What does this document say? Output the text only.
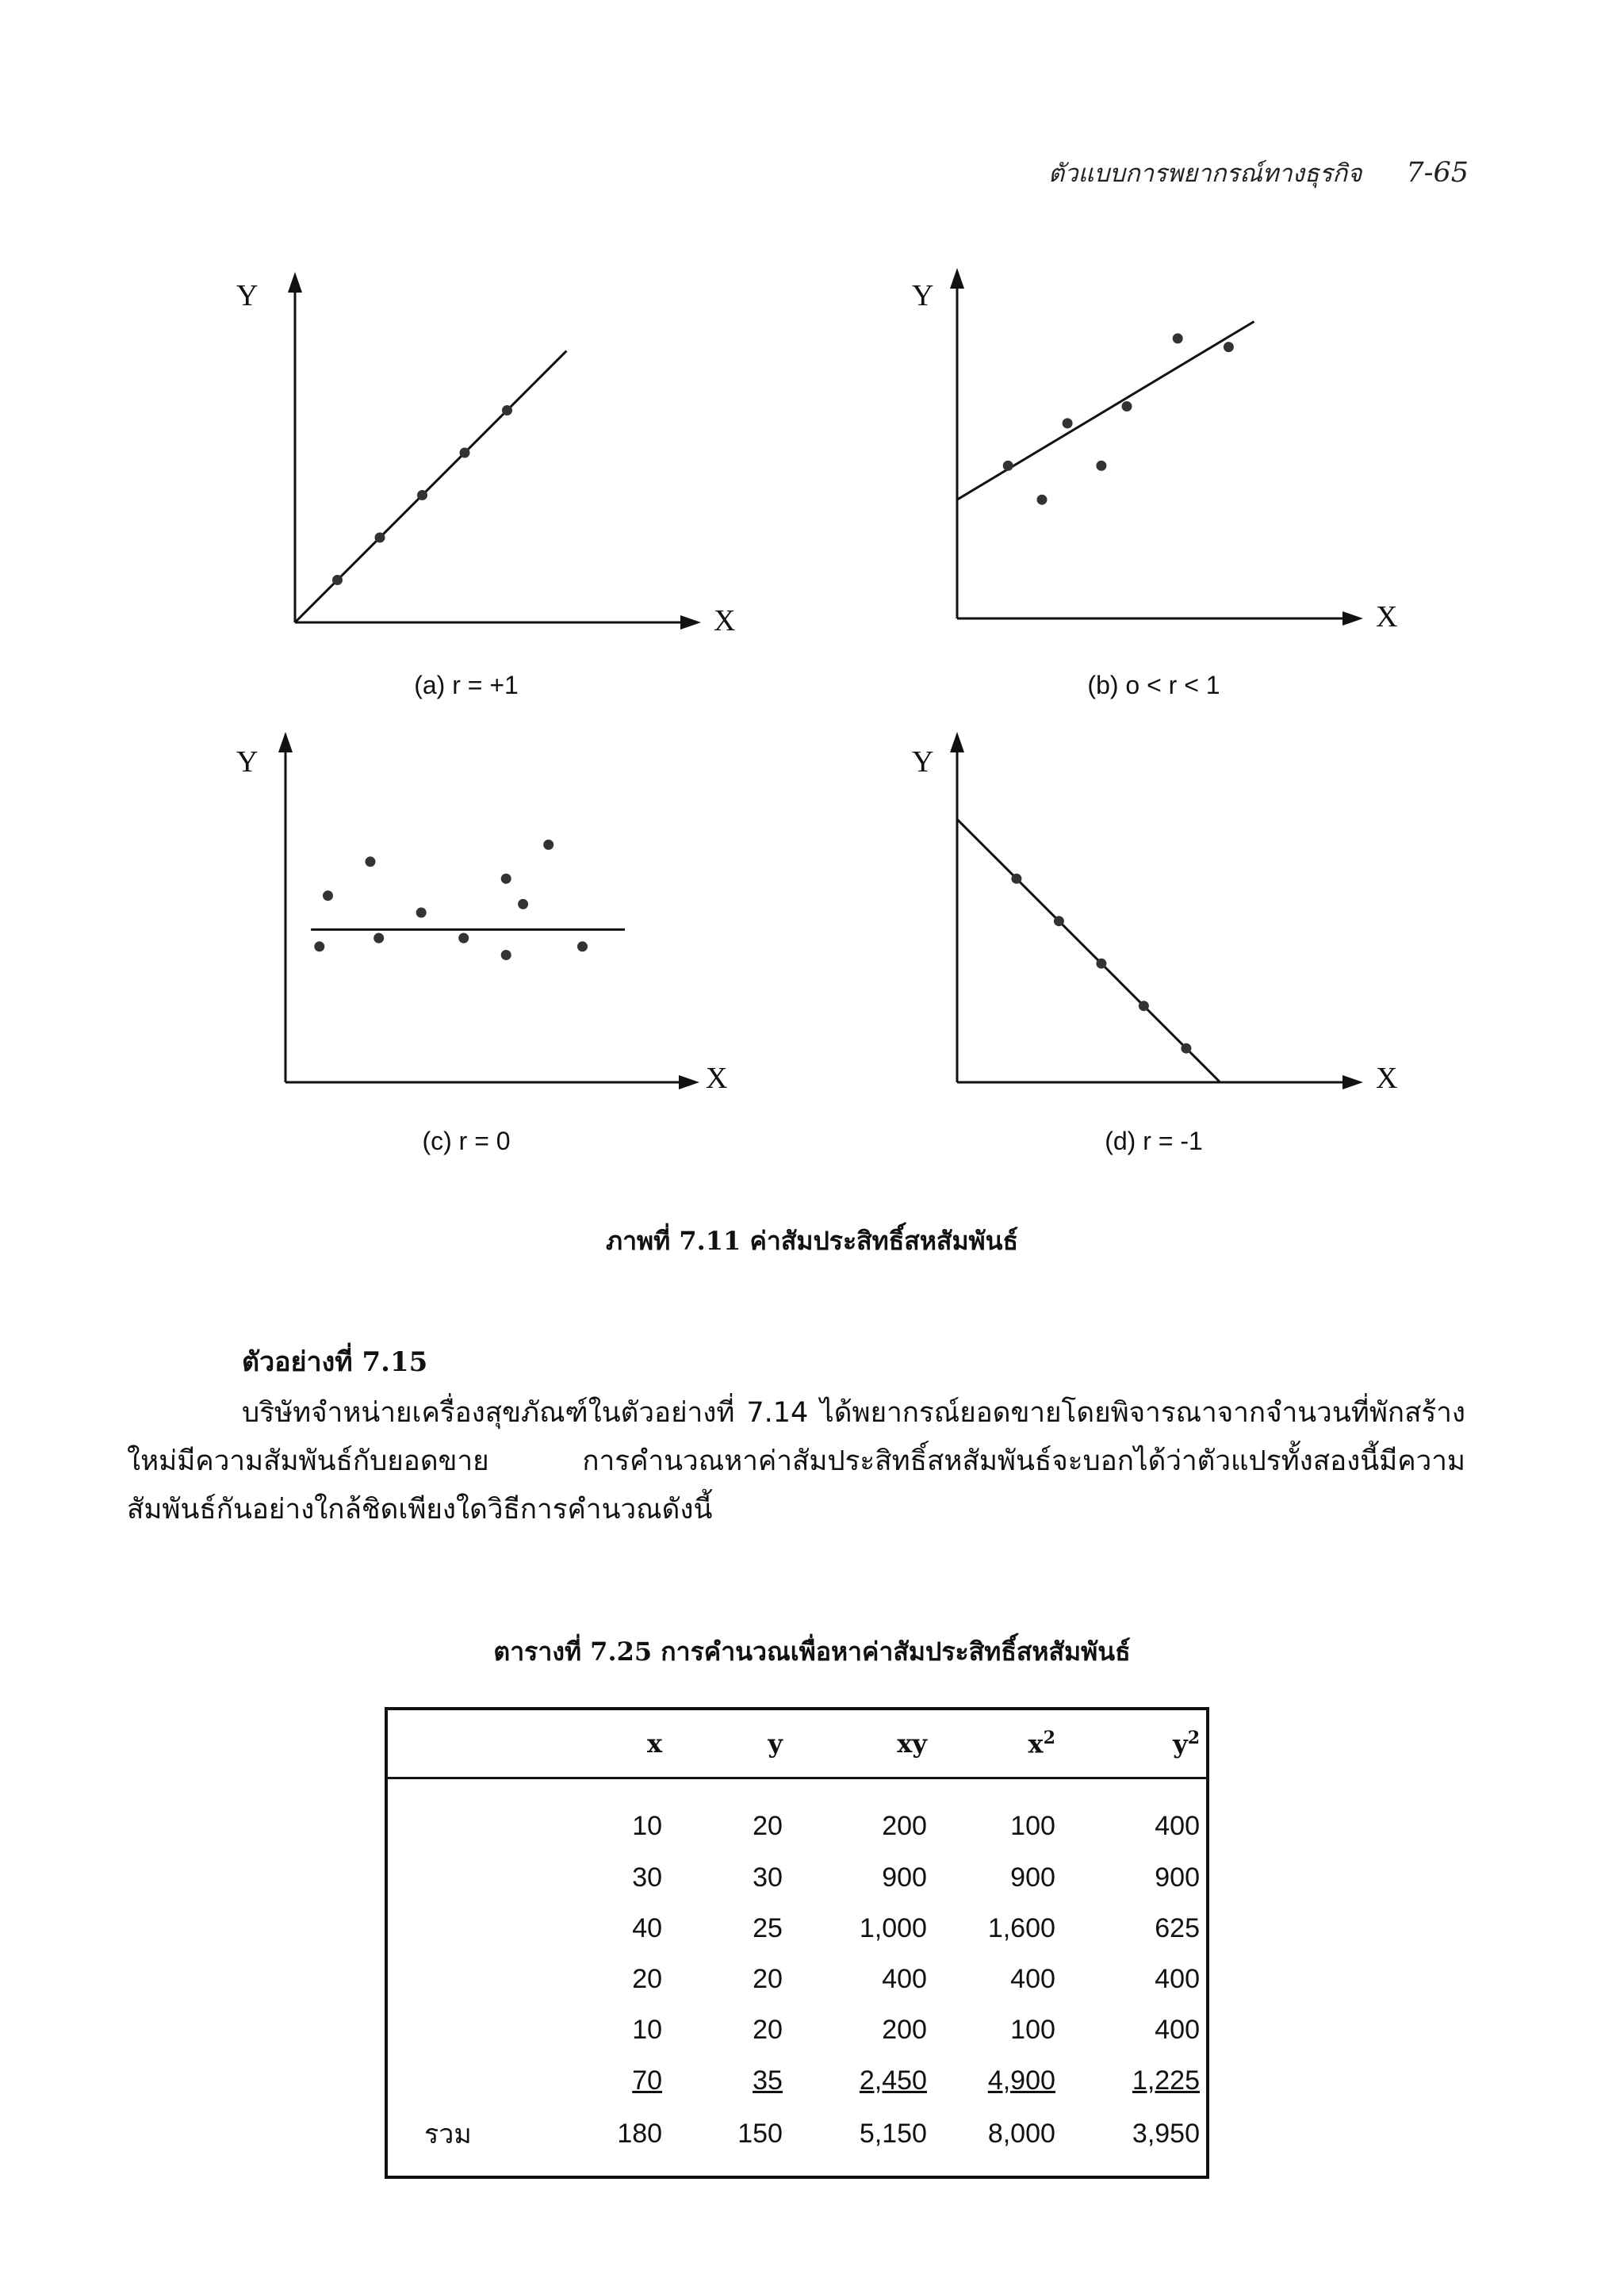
ตัวแบบการพยากรณ์ทางธุรกิจ 7-65
Y
X
(a) r = +1
Y
X
(b) o < r < 1
Y
X
(c) r = 0
Y
X
(d) r = -1
ภาพที่ 7.11 ค่าสัมประสิทธิ์สหสัมพันธ์
ตัวอย่างที่ 7.15
บริษัทจำหน่ายเครื่องสุขภัณฑ์ในตัวอย่างที่ 7.14 ได้พยากรณ์ยอดขายโดยพิจารณาจากจำนวนที่พักสร้างใหม่มีความสัมพันธ์กับยอดขาย การคำนวณหาค่าสัมประสิทธิ์สหสัมพันธ์จะบอกได้ว่าตัวแปรทั้งสองนี้มีความสัมพันธ์กันอย่างใกล้ชิดเพียงใดวิธีการคำนวณดังนี้
ตารางที่ 7.25 การคำนวณเพื่อหาค่าสัมประสิทธิ์สหสัมพันธ์
	x	y	xy	$x^2$	$y^2$
	10	20	200	100	400
	30	30	900	900	900
	40	25	1,000	1,600	625
	20	20	400	400	400
	10	20	200	100	400
	70	35	2,450	4,900	1,225
รวม	180	150	5,150	8,000	3,950
